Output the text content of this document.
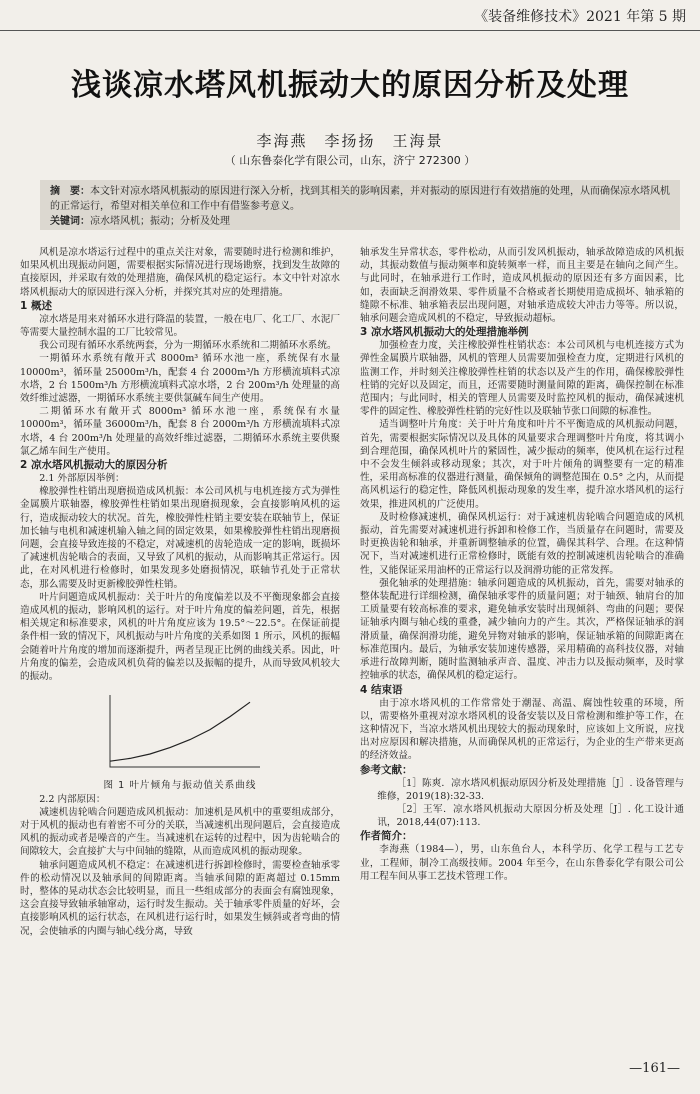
《装备维修技术》2021 年第 5 期
浅谈凉水塔风机振动大的原因分析及处理
李海燕　李扬扬　王海景
（ 山东鲁泰化学有限公司，山东，济宁 272300 ）
摘　要：本文针对凉水塔风机振动的原因进行深入分析，找到其相关的影响因素，并对振动的原因进行有效措施的处理，从而确保凉水塔风机的正常运行，希望对相关单位和工作中有借鉴参考意义。
关键词：凉水塔风机；振动；分析及处理

风机是凉水塔运行过程中的重点关注对象，需要随时进行检测和维护，如果风机出现振动问题，需要根据实际情况进行现场勘察，找到发生故障的直接原因，并采取有效的处理措施，确保风机的稳定运行。本文中针对凉水塔风机振动大的原因进行深入分析，并探究其对应的处理措施。

1 概述

凉水塔是用来对循环水进行降温的装置，一般在电厂、化工厂、水泥厂等需要大量控制水温的工厂比较常见。

我公司现有循环水系统两套，分为一期循环水系统和二期循环水系统。

一期循环水系统有敞开式 8000m³ 循环水池一座，系统保有水量 10000m³，循环量 25000m³/h，配套 4 台 2000m³/h 方形横流填料式凉水塔，2 台 1500m³/h 方形横流填料式凉水塔，2 台 200m³/h 处理量的高效纤维过滤器，一期循环水系统主要供氯碱车间生产使用。

二期循环水有敞开式 8000m³ 循环水池一座，系统保有水量 10000m³，循环量 36000m³/h，配套 8 台 2000m³/h 方形横流填料式凉水塔，4 台 200m³/h 处理量的高效纤维过滤器，二期循环水系统主要供聚氯乙烯车间生产使用。

2 凉水塔风机振动大的原因分析
2.1 外部原因举例：

橡胶弹性柱销出现磨损造成风机振：本公司风机与电机连接方式为弹性金属膜片联轴器，橡胶弹性柱销如果出现磨损现象，会直接影响风机的运行，造成振动较大的状况。首先，橡胶弹性柱销主要安装在联轴节上，保证加长轴与电机和减速机输入轴之间的固定效果，如果橡胶弹性柱销出现磨损问题，会直接导致连接的不稳定，对减速机的齿轮造成一定的影响，既损坏了减速机齿轮啮合的表面，又导致了风机的振动，从而影响其正常运行。因此，在对风机进行检修时，如果发现多处磨损情况，联轴节孔处于正常状态，那么需要及时更新橡胶弹性柱销。

叶片问题造成风机振动：关于叶片的角度偏差以及不平衡现象都会直接造成风机的振动，影响风机的运行。对于叶片角度的偏差问题，首先，根据相关规定和标准要求，风机的叶片角度应该为 19.5°～22.5°。在保证前提条件相一致的情况下，风机振动与叶片角度的关系如图 1 所示，风机的振幅会随着叶片角度的增加而逐渐提升，两者呈现正比例的曲线关系。因此，叶片角度的偏差，会造成风机负荷的偏差以及振幅的提升，从而导致风机较大的振动。

图 1 叶片倾角与振动值关系曲线
2.2 内部原因：

减速机齿轮啮合问题造成风机振动：加速机是风机中的重要组成部分，对于风机的振动也有着密不可分的关联，当减速机出现问题后，会直接造成风机的振动或者是噪音的产生。当减速机在运转的过程中，因为齿轮啮合的间隙较大，会直接扩大与中间轴的缝隙，从而造成风机的振动现象。

轴承问题造成风机不稳定：在减速机进行拆卸检修时，需要检查轴承零件的松动情况以及轴承间的间隙距离。当轴承间隙的距离超过 0.15mm 时，整体的晃动状态会比较明显，而且一些组成部分的表面会有腐蚀现象，这会直接导致轴承轴窜动，运行时发生振动。关于轴承零件质量的好坏，会直接影响风机的运行状态，在风机进行运行时，如果发生倾斜或者弯曲的情况，会使轴承的内圈与轴心线分离，导致

轴承发生异常状态，零件松动，从而引发风机振动，轴承故障造成的风机振动，其振动数值与振动频率和旋转频率一样，而且主要是在轴向之间产生。与此同时，在轴承进行工作时，造成风机振动的原因还有多方面因素，比如，表面缺乏润滑效果、零件质量不合格或者长期使用造成损坏、轴承箱的缝隙不标准、轴承箱表层出现问题，对轴承造成较大冲击力等等。所以说，轴承问题会造成风机的不稳定，导致振动超标。

3 凉水塔风机振动大的处理措施举例

加强检查力度，关注橡胶弹性柱销状态：本公司风机与电机连接方式为弹性金属膜片联轴器，风机的管理人员需要加强检查力度，定期进行风机的监测工作，并时刻关注橡胶弹性柱销的状态以及产生的作用，确保橡胶弹性柱销的完好以及固定，而且，还需要随时测量间隙的距离，确保控制在标准范围内；与此同时，相关的管理人员需要及时监控风机的振动，确保减速机零件的固定性、橡胶弹性柱销的完好性以及联轴节张口间隙的标准性。

适当调整叶片角度：关于叶片角度和叶片不平衡造成的风机振动问题，首先，需要根据实际情况以及具体的风量要求合理调整叶片角度，将其调小到合理范围，确保风机叶片的紧固性，减少振动的频率，使风机在运行过程中不会发生倾斜或移动现象；其次，对于叶片倾角的调整要有一定的精准性，采用高标准的仪器进行测量，确保倾角的调整范围在 0.5° 之内，从而提高风机运行的稳定性，降低风机振动现象的发生率，提升凉水塔风机的运行效果，推进风机的广泛使用。

及时检修减速机，确保风机运行：对于减速机齿轮啮合问题造成的风机振动，首先需要对减速机进行拆卸和检修工作，当质量存在问题时，需要及时更换齿轮和轴承，并重新调整轴承的位置，确保其科学、合理。在这种情况下，当对减速机进行正常检修时，既能有效的控制减速机齿轮啮合的准确性，又能保证采用油杯的正常运行以及润滑功能的正常发挥。

强化轴承的处理措施：轴承问题造成的风机振动，首先，需要对轴承的整体装配进行详细检测，确保轴承零件的质量问题；对于轴颈、轴肩台的加工质量要有较高标准的要求，避免轴承安装时出现倾斜、弯曲的问题；要保证轴承内圈与轴心线的重叠，减少轴向力的产生。其次，严格保证轴承的润滑质量，确保润滑功能，避免异物对轴承的影响，保证轴承箱的间隙距离在标准范围内。最后，为轴承安装加速传感器，采用精确的高科技仪器，对轴承进行故障判断，随时监测轴承声音、温度、冲击力以及振动频率，及时掌控轴承的状态，确保风机的稳定运行。

4 结束语

由于凉水塔风机的工作常常处于潮湿、高温、腐蚀性较重的环境，所以，需要格外重视对凉水塔风机的设备安装以及日常检测和维护等工作，在这种情况下，当凉水塔风机出现较大的振动现象时，应该如上文所说，应找出对应原因和解决措施，从而确保风机的正常运行，为企业的生产带来更高的经济效益。

参考文献：

［1］陈爽．凉水塔风机振动原因分析及处理措施［J］. 设备管理与维修，2019(18):32-33.

［2］王军．凉水塔风机振动大原因分析及处理［J］. 化工设计通讯，2018,44(07):113.

作者简介：

李海燕（1984—），男，山东鱼台人，本科学历、化学工程与工艺专业，工程师，制冷工高级技师。2004 年至今，在山东鲁泰化学有限公司公用工程车间从事工艺技术管理工作。

—161—
